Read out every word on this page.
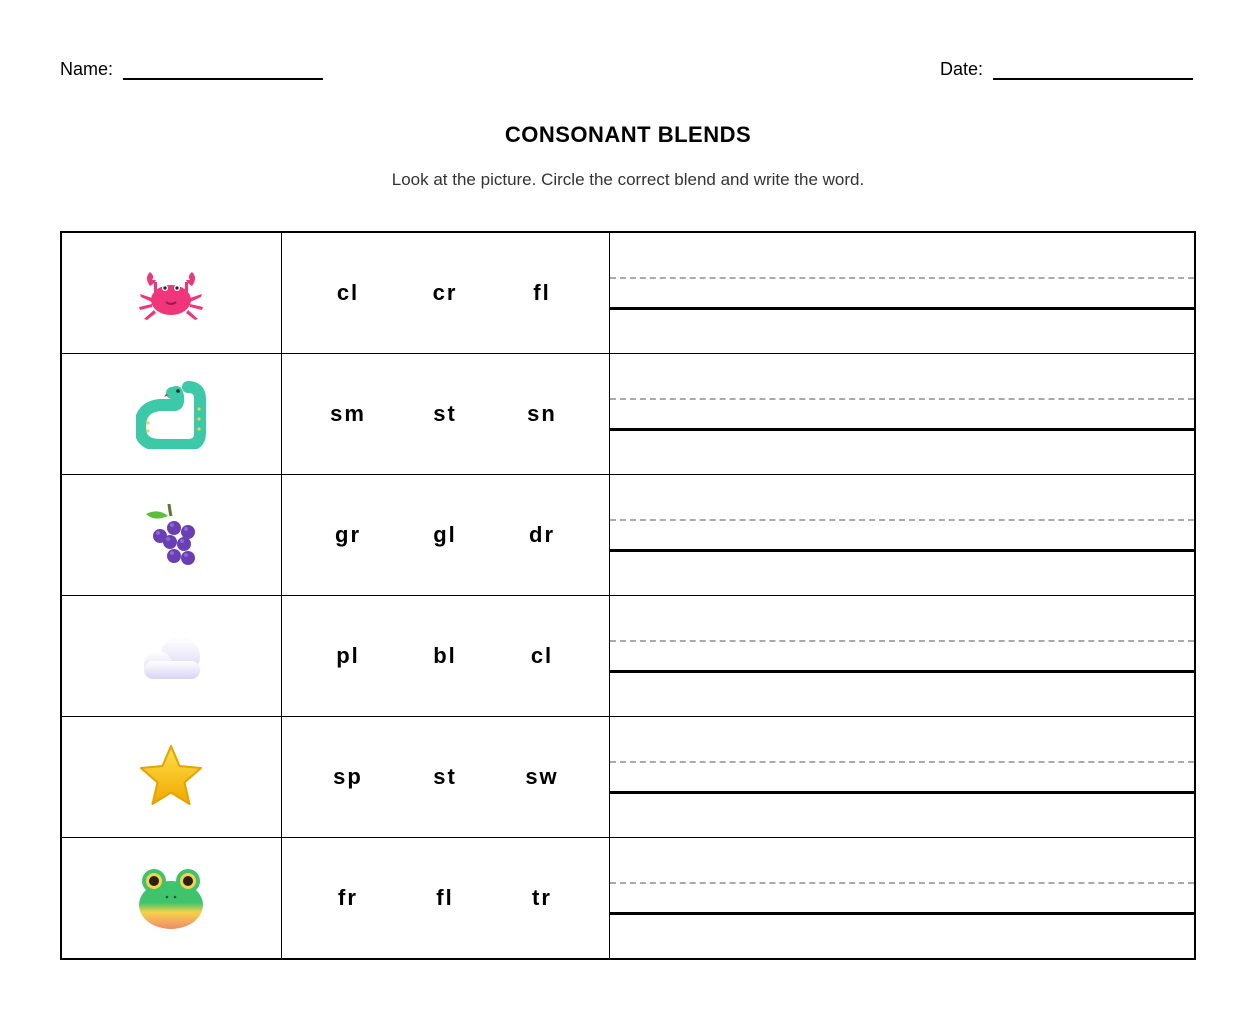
Name:	Date:
CONSONANT BLENDS
Look at the picture. Circle the correct blend and write the word.

cl cr fl	

sm st sn	

gr gl dr	

pl bl cl	

sp st sw	

fr fl tr	
